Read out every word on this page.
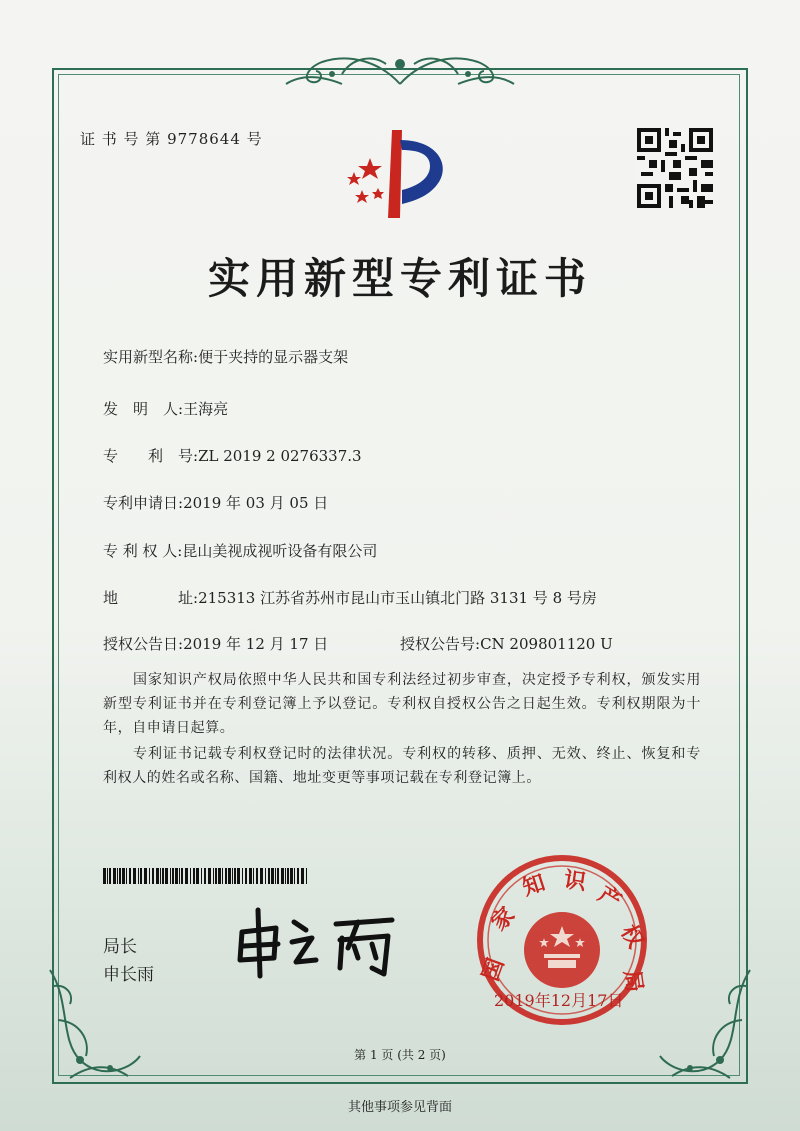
证 书 号 第 9778644 号
实用新型专利证书
实用新型名称:便于夹持的显示器支架
发　明　人:王海亮
专　　利　号:ZL 2019 2 0276337.3
专利申请日:2019 年 03 月 05 日
专 利 权 人:昆山美视成视听设备有限公司
地　　　　址:215313 江苏省苏州市昆山市玉山镇北门路 3131 号 8 号房
授权公告日:2019 年 12 月 17 日	授权公告号:CN 209801120 U
国家知识产权局依照中华人民共和国专利法经过初步审查，决定授予专利权，颁发实用新型专利证书并在专利登记簿上予以登记。专利权自授权公告之日起生效。专利权期限为十年，自申请日起算。
专利证书记载专利权登记时的法律状况。专利权的转移、质押、无效、终止、恢复和专利权人的姓名或名称、国籍、地址变更等事项记载在专利登记簿上。
局长
申长雨	国
家
知 识
产
权
局
2019年12月17日
第 1 页 (共 2 页)
其他事项参见背面
